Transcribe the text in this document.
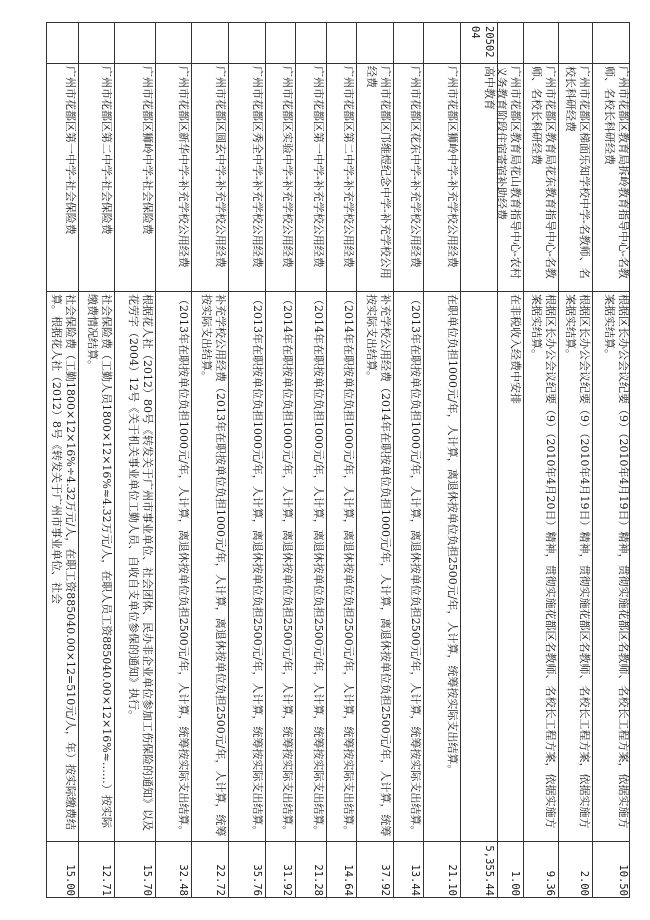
广州市花都区教育局拆岭教育指导中心-名教师、名校长科研经费
根据区长办公会议纪要（9）（2010年4月19日）精神，贯彻实施花都区名教师、名校长工程方案，依据实施方案据实结算。
10.50
广州市花都区梯面乐知学校中学-名教师、名校长科研经费
根据区长办公会议纪要（9）（2010年4月19日）精神，贯彻实施花都区名教师、名校长工程方案，依据实施方案据实结算。
2.00
广州市花都区教育局花东教育指导中心-名教师、名校长科研经费
根据区长办公会议纪要（9）（2010年4月20日）精神，贯彻实施花都区名教师、名校长工程方案，依据实施方案据实结算。
9.36
广州市花都区教育局花山教育指导中心-农村义务教育阶段住宿寄宿补助经费
在非税收入经费中安排
1.00
2050204
高中教育
5,355.44
广州市花都区狮岭中学-补充学校公用经费
在职单位负担1000元/年，人计算，离退休按单位负担2500元/年，人计算，统筹按实际支出结算。
21.10
广州市花都区花东中学-补充学校公用经费
（2013年在职按单位负担1000元/年，人计算，离退休按单位负担2500元/年，人计算，统筹按实际支出结算。
13.44
广州市花都区邝维煜纪念中学-补充学校公用经费
补充学校公用经费（2014年在职按单位负担1000元/年，人计算，离退休按单位负担2500元/年，人计算，统筹按实际支出结算。
37.92
广州市花都区第二中学-补充学校公用经费
（2014年在职按单位负担1000元/年，人计算，离退休按单位负担2500元/年，人计算，统筹按实际支出结算。
14.64
广州市花都区第一中学-补充学校公用经费
（2014年在职按单位负担1000元/年，人计算，离退休按单位负担2500元/年，人计算，统筹按实际支出结算。
21.28
广州市花都区实验中学-补充学校公用经费
（2014年在职按单位负担1000元/年，人计算，离退休按单位负担2500元/年，人计算，统筹按实际支出结算。
31.92
广州市花都区秀全中学-补充学校公用经费
（2013年在职按单位负担1000元/年，人计算，离退休按单位负担2500元/年，人计算，统筹按实际支出结算。
35.76
广州市花都区圆玄中学-补充学校公用经费
补充学校公用经费（2013年在职按单位负担1000元/年，人计算，离退休按单位负担2500元/年，人计算，统筹按实际支出结算。
22.72
广州市花都区新华中学-补充学校公用经费
（2013年在职按单位负担1000元/年，人计算，离退休按单位负担2500元/年，人计算，统筹按实际支出结算。
32.48
广州市花都区狮岭中学-社会保险费
根据花人社（2012）80号《转发关于广州市事业单位、社会团体、民办非企业单位参加工伤保险的通知》以及花劳字（2004）12号《关于机关事业单位工勤人员、自收自支单位参保的通知》执行。
15.70
广州市花都区第二中学-社会保险费
社会保险费（工勤人员1800×12×16%≈4.32万元/人，在职人员工资885040.00×12×16%≈……）按实际缴费情况结算。
12.71
广州市花都区第一中学-社会保险费
社会保险费（工勤1800×12×16%÷4.32万元/人，在职工资885040.00×12=510元/人，年）按实际缴费结算。根据花人社（2012）8号《转发关于广州市事业单位、社会
15.00
